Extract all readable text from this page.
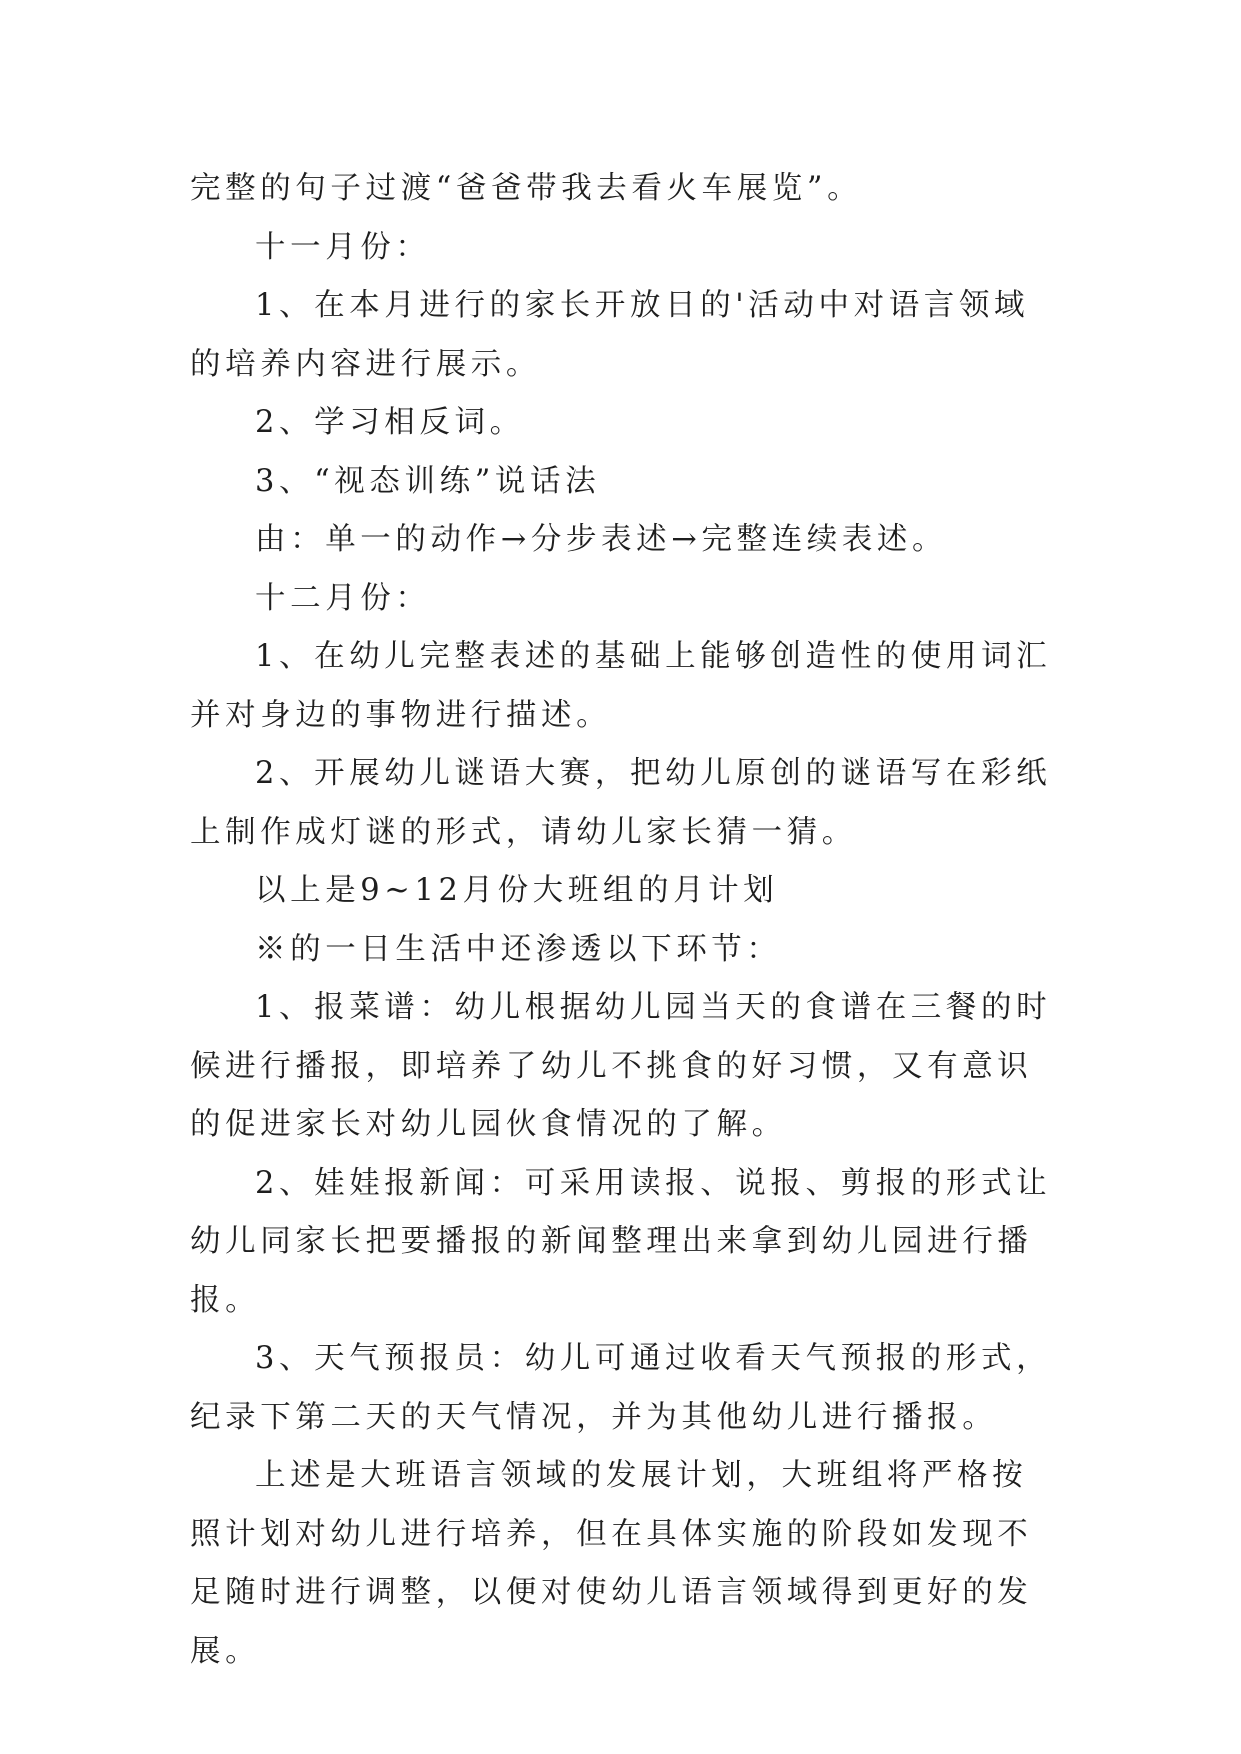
完整的句子过渡“爸爸带我去看火车展览”。

十一月份：

1、在本月进行的家长开放日的'活动中对语言领域的培养内容进行展示。

2、学习相反词。

3、“视态训练”说话法

由：单一的动作→分步表述→完整连续表述。

十二月份：

1、在幼儿完整表述的基础上能够创造性的使用词汇并对身边的事物进行描述。

2、开展幼儿谜语大赛，把幼儿原创的谜语写在彩纸上制作成灯谜的形式，请幼儿家长猜一猜。

以上是9~12月份大班组的月计划

※的一日生活中还渗透以下环节：

1、报菜谱：幼儿根据幼儿园当天的食谱在三餐的时候进行播报，即培养了幼儿不挑食的好习惯，又有意识的促进家长对幼儿园伙食情况的了解。

2、娃娃报新闻：可采用读报、说报、剪报的形式让幼儿同家长把要播报的新闻整理出来拿到幼儿园进行播报。

3、天气预报员：幼儿可通过收看天气预报的形式，纪录下第二天的天气情况，并为其他幼儿进行播报。

上述是大班语言领域的发展计划，大班组将严格按照计划对幼儿进行培养，但在具体实施的阶段如发现不足随时进行调整，以便对使幼儿语言领域得到更好的发展。
